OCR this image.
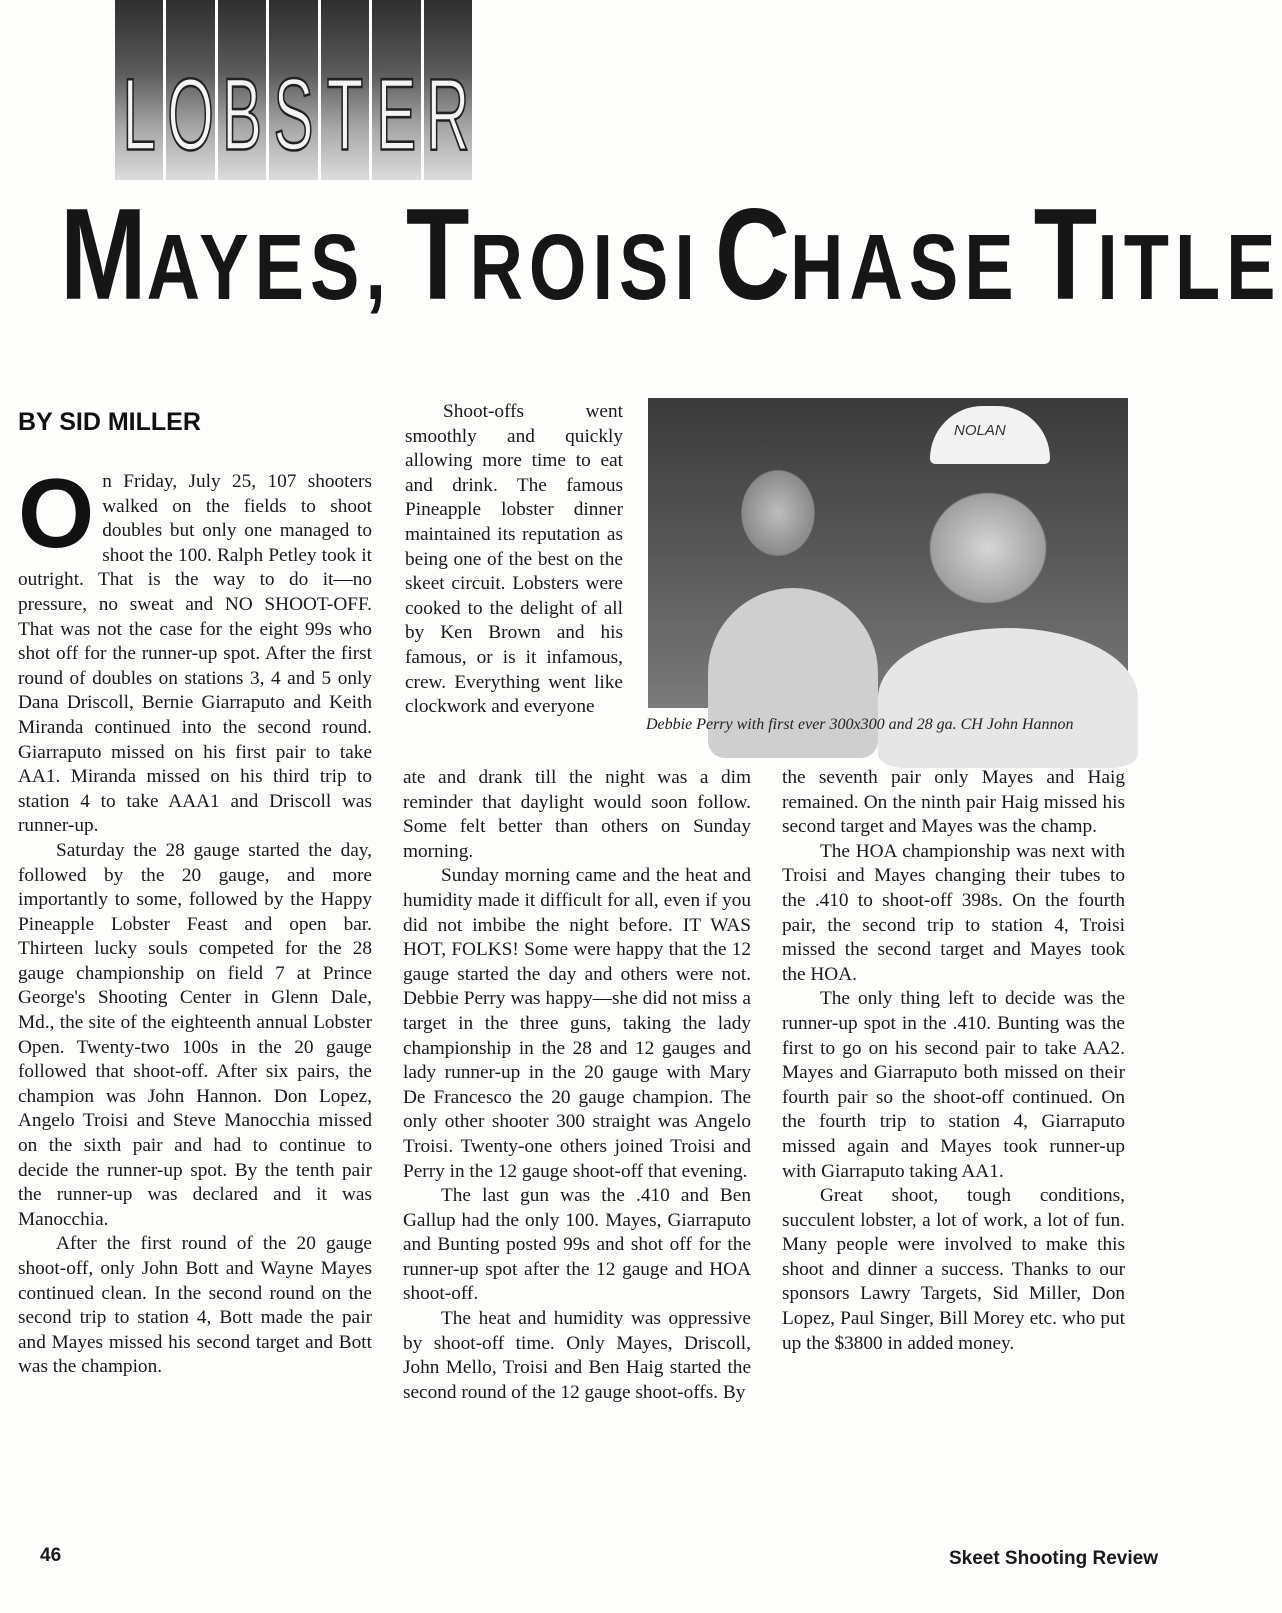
L O B S T E R
MAYES, TROISI CHASE TITLE
BY SID MILLER

On Friday, July 25, 107 shooters walked on the fields to shoot doubles but only one managed to shoot the 100. Ralph Petley took it outright. That is the way to do it—no pressure, no sweat and NO SHOOT-OFF. That was not the case for the eight 99s who shot off for the runner-up spot. After the first round of doubles on stations 3, 4 and 5 only Dana Driscoll, Bernie Giarraputo and Keith Miranda continued into the second round. Giarraputo missed on his first pair to take AA1. Miranda missed on his third trip to station 4 to take AAA1 and Driscoll was runner-up.

Saturday the 28 gauge started the day, followed by the 20 gauge, and more importantly to some, followed by the Happy Pineapple Lobster Feast and open bar. Thirteen lucky souls competed for the 28 gauge championship on field 7 at Prince George's Shooting Center in Glenn Dale, Md., the site of the eighteenth annual Lobster Open. Twenty-two 100s in the 20 gauge followed that shoot-off. After six pairs, the champion was John Hannon. Don Lopez, Angelo Troisi and Steve Manocchia missed on the sixth pair and had to continue to decide the runner-up spot. By the tenth pair the runner-up was declared and it was Manocchia.

After the first round of the 20 gauge shoot-off, only John Bott and Wayne Mayes continued clean. In the second round on the second trip to station 4, Bott made the pair and Mayes missed his second target and Bott was the champion.

Shoot-offs went smoothly and quickly allowing more time to eat and drink. The famous Pineapple lobster dinner maintained its reputation as being one of the best on the skeet circuit. Lobsters were cooked to the delight of all by Ken Brown and his famous, or is it infamous, crew. Everything went like clockwork and everyone

NOLAN
Debbie Perry with first ever 300x300 and 28 ga. CH John Hannon

ate and drank till the night was a dim reminder that daylight would soon follow. Some felt better than others on Sunday morning.

Sunday morning came and the heat and humidity made it difficult for all, even if you did not imbibe the night before. IT WAS HOT, FOLKS! Some were happy that the 12 gauge started the day and others were not. Debbie Perry was happy—she did not miss a target in the three guns, taking the lady championship in the 28 and 12 gauges and lady runner-up in the 20 gauge with Mary De Francesco the 20 gauge champion. The only other shooter 300 straight was Angelo Troisi. Twenty-one others joined Troisi and Perry in the 12 gauge shoot-off that evening.

The last gun was the .410 and Ben Gallup had the only 100. Mayes, Giarraputo and Bunting posted 99s and shot off for the runner-up spot after the 12 gauge and HOA shoot-off.

The heat and humidity was oppressive by shoot-off time. Only Mayes, Driscoll, John Mello, Troisi and Ben Haig started the second round of the 12 gauge shoot-offs. By

the seventh pair only Mayes and Haig remained. On the ninth pair Haig missed his second target and Mayes was the champ.

The HOA championship was next with Troisi and Mayes changing their tubes to the .410 to shoot-off 398s. On the fourth pair, the second trip to station 4, Troisi missed the second target and Mayes took the HOA.

The only thing left to decide was the runner-up spot in the .410. Bunting was the first to go on his second pair to take AA2. Mayes and Giarraputo both missed on their fourth pair so the shoot-off continued. On the fourth trip to station 4, Giarraputo missed again and Mayes took runner-up with Giarraputo taking AA1.

Great shoot, tough conditions, succulent lobster, a lot of work, a lot of fun. Many people were involved to make this shoot and dinner a success. Thanks to our sponsors Lawry Targets, Sid Miller, Don Lopez, Paul Singer, Bill Morey etc. who put up the $3800 in added money.

46	Skeet Shooting Review
